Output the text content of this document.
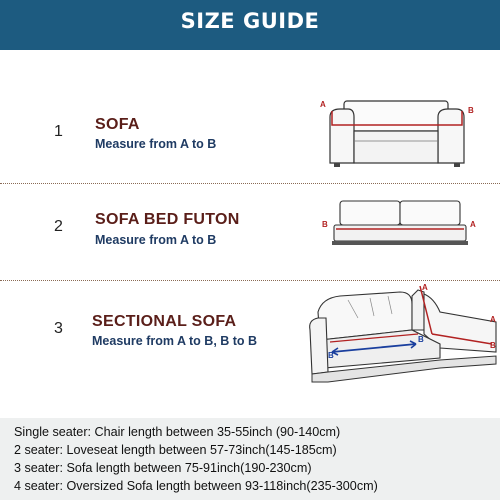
SIZE GUIDE
1 SOFA
Measure from A to B
A
B
2 SOFA BED FUTON
Measure from A to B
B	A
3 SECTIONAL SOFA
Measure from A to B, B to B
A
A
B
B
B
Single seater: Chair length between 35-55inch (90-140cm)
2 seater: Loveseat length between 57-73inch(145-185cm)
3 seater: Sofa length between 75-91inch(190-230cm)
4 seater: Oversized Sofa length between 93-118inch(235-300cm)
